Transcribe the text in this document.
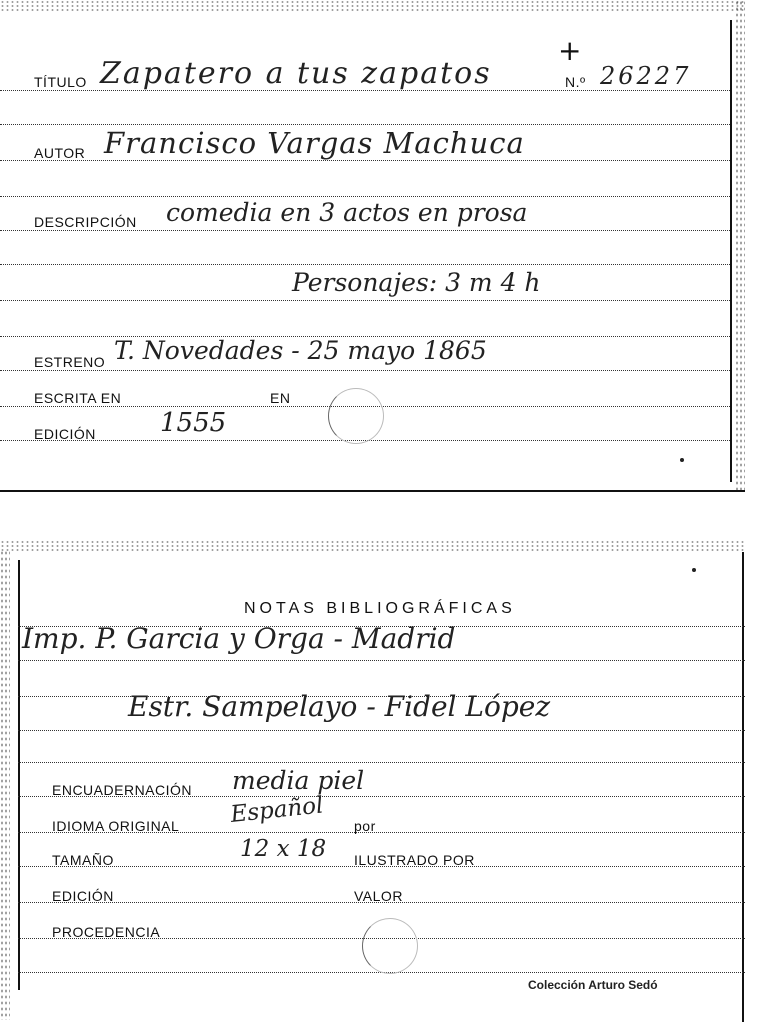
+
TÍTULO Zapatero a tus zapatos	N.º 26227
AUTOR Francisco Vargas Machuca
DESCRIPCIÓN comedia en 3 actos en prosa
Personajes: 3 m 4 h
ESTRENO T. Novedades - 25 mayo 1865
ESCRITA EN	EN
EDICIÓN 1555
NOTAS BIBLIOGRÁFICAS
Imp. P. Garcia y Orga - Madrid
Estr. Sampelayo - Fidel López
ENCUADERNACIÓN media piel
IDIOMA ORIGINAL Español por
TAMAÑO	12 x 18 ILUSTRADO POR
EDICIÓN	VALOR
PROCEDENCIA
Colección Arturo Sedó
